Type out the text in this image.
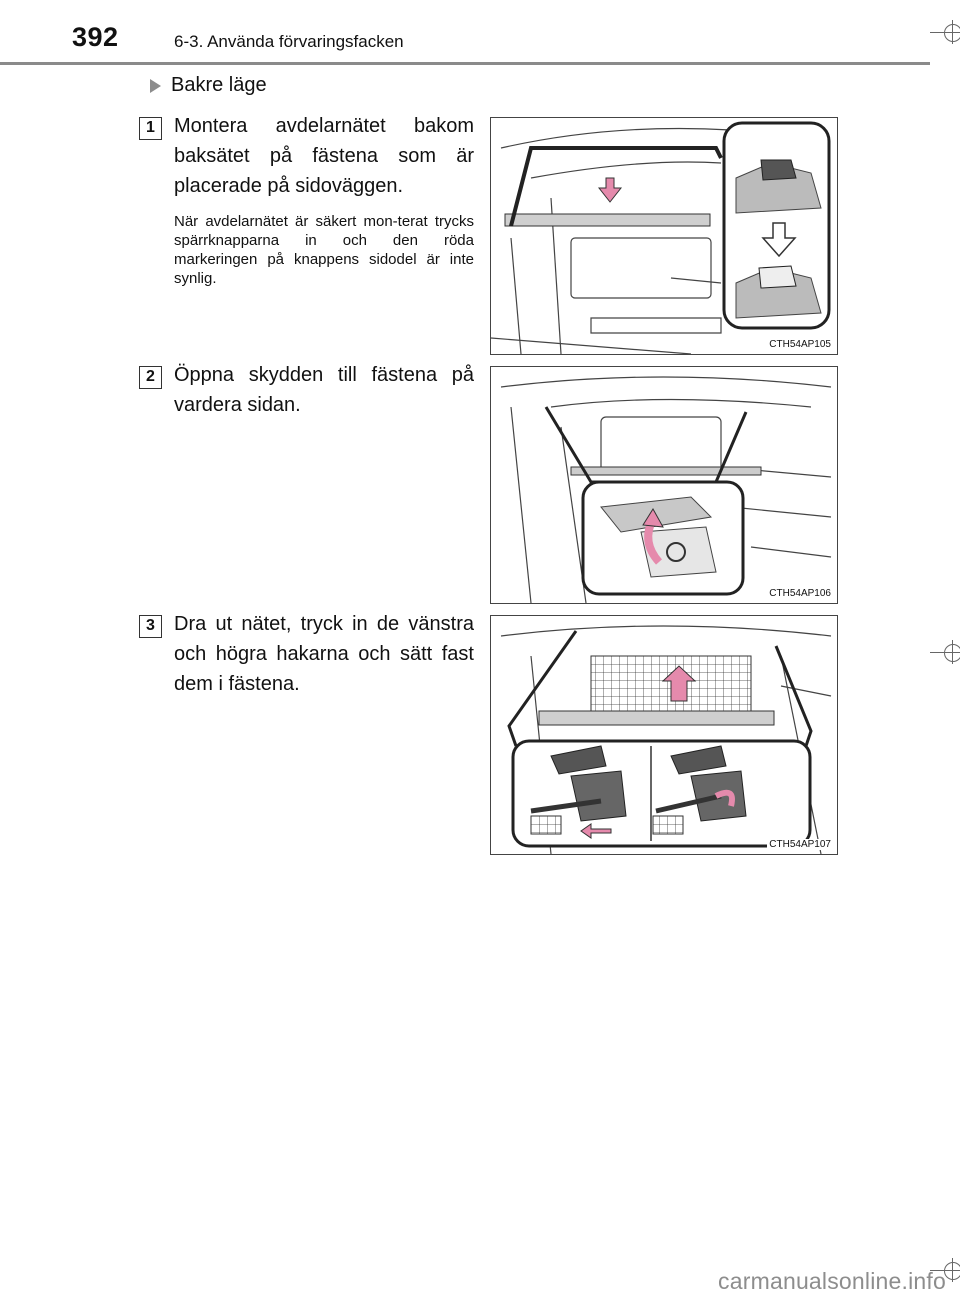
392	6-3. Använda förvaringsfacken
Bakre läge
1 Montera avdelarnätet bakom baksätet på fästena som är placerade på sidoväggen.
När avdelarnätet är säkert mon-terat trycks spärrknapparna in och den röda markeringen på knappens sidodel är inte synlig.
CTH54AP105
2 Öppna skydden till fästena på vardera sidan.
CTH54AP106
3 Dra ut nätet, tryck in de vänstra och högra hakarna och sätt fast dem i fästena.
CTH54AP107
carmanualsonline.info
